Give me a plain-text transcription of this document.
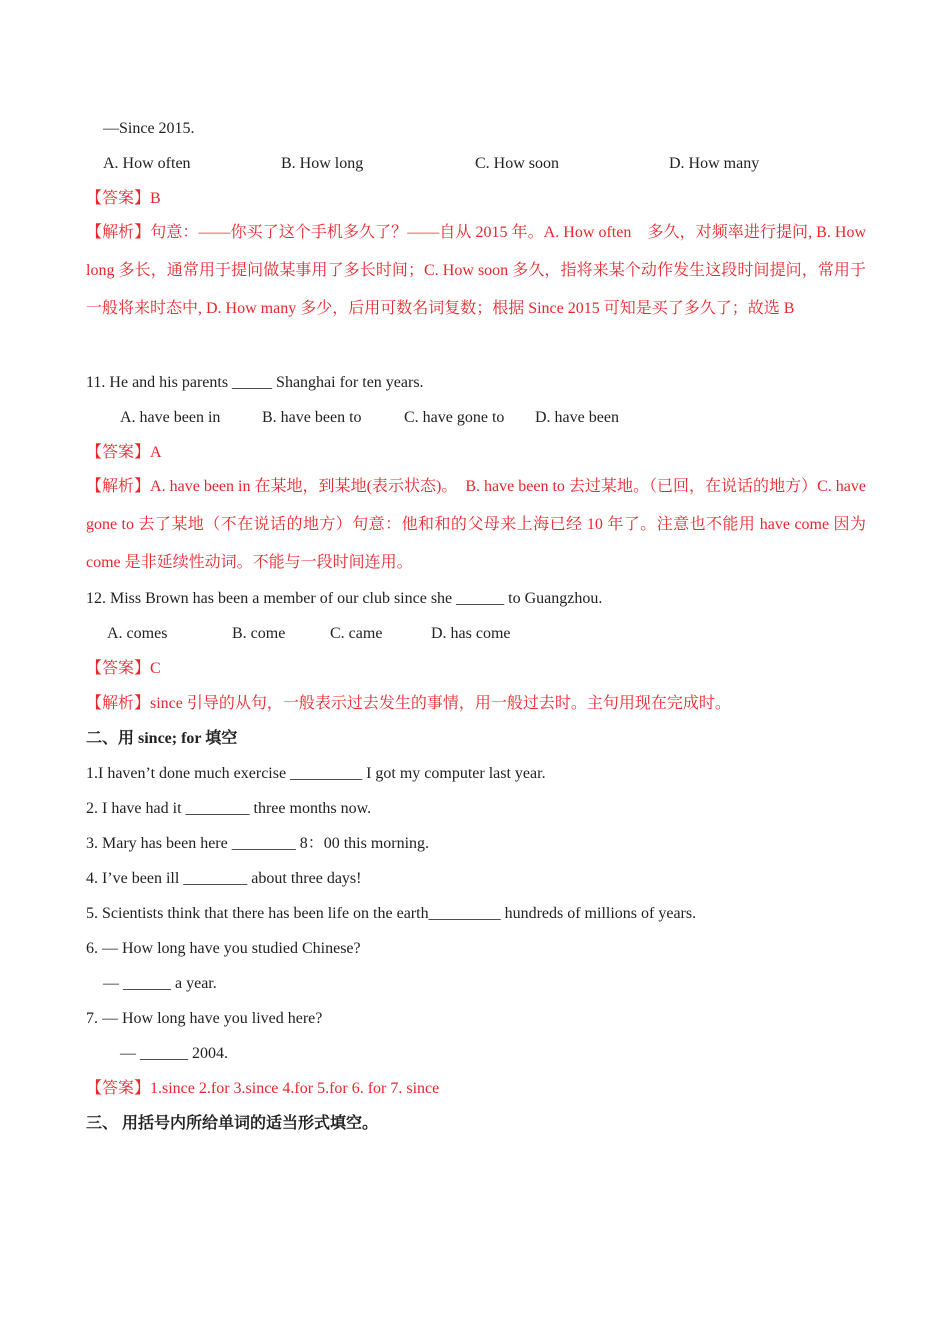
—Since 2015.
A. How often	B. How long	C. How soon	D. How many
【答案】B
【解析】句意：——你买了这个手机多久了？——自从 2015 年。A. How often　多久，对频率进行提问, B. How long 多长，通常用于提问做某事用了多长时间；C. How soon 多久，指将来某个动作发生这段时间提问，常用于一般将来时态中, D. How many 多少，后用可数名词复数；根据 Since 2015 可知是买了多久了；故选 B
11. He and his parents _____ Shanghai for ten years.
A. have been in	B. have been to	C. have gone to D. have been
【答案】A
【解析】A. have been in 在某地，到某地(表示状态)。　B. have been to 去过某地。（已回，在说话的地方）C. have gone to 去了某地（不在说话的地方）句意：他和和的父母来上海已经 10 年了。注意也不能用 have come 因为 come 是非延续性动词。不能与一段时间连用。
12. Miss Brown has been a member of our club since she ______ to Guangzhou.
A. comes	B. come	C. came	D. has come
【答案】C
【解析】since 引导的从句，一般表示过去发生的事情，用一般过去时。主句用现在完成时。
二、用 since; for 填空
1.I haven’t done much exercise _________ I got my computer last year.
2. I have had it ________ three months now.
3. Mary has been here ________ 8：00 this morning.
4. I’ve been ill ________ about three days!
5. Scientists think that there has been life on the earth_________ hundreds of millions of years.
6. — How long have you studied Chinese?
— ______ a year.
7. — How long have you lived here?
— ______ 2004.
【答案】1.since 2.for 3.since 4.for 5.for 6. for 7. since
三、 用括号内所给单词的适当形式填空。
